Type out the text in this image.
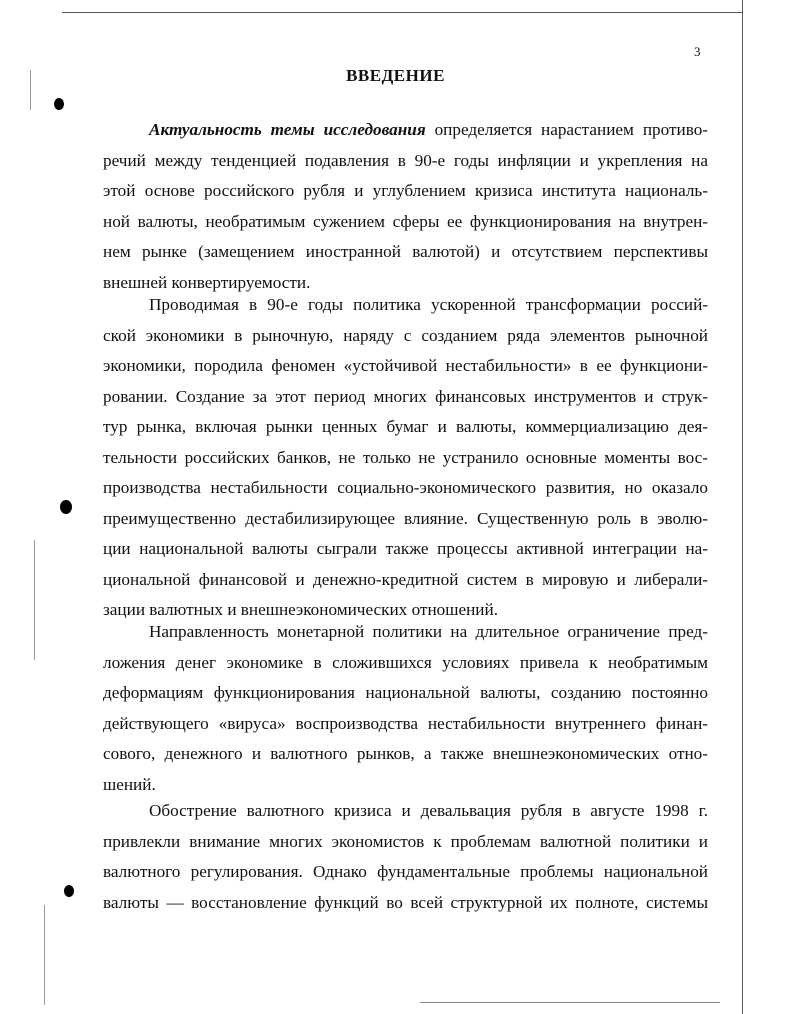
3
ВВЕДЕНИЕ
Актуальность темы исследования определяется нарастанием противо-
речий между тенденцией подавления в 90-е годы инфляции и укрепления на
этой основе российского рубля и углублением кризиса института националь-
ной валюты, необратимым сужением сферы ее функционирования на внутрен-
нем рынке (замещением иностранной валютой) и отсутствием перспективы
внешней конвертируемости.
Проводимая в 90-е годы политика ускоренной трансформации россий-
ской экономики в рыночную, наряду с созданием ряда элементов рыночной
экономики, породила феномен «устойчивой нестабильности» в ее функциони-
ровании. Создание за этот период многих финансовых инструментов и струк-
тур рынка, включая рынки ценных бумаг и валюты, коммерциализацию дея-
тельности российских банков, не только не устранило основные моменты вос-
производства нестабильности социально-экономического развития, но оказало
преимущественно дестабилизирующее влияние. Существенную роль в эволю-
ции национальной валюты сыграли также процессы активной интеграции на-
циональной финансовой и денежно-кредитной систем в мировую и либерали-
зации валютных и внешнеэкономических отношений.
Направленность монетарной политики на длительное ограничение пред-
ложения денег экономике в сложившихся условиях привела к необратимым
деформациям функционирования национальной валюты, созданию постоянно
действующего «вируса» воспроизводства нестабильности внутреннего финан-
сового, денежного и валютного рынков, а также внешнеэкономических отно-
шений.
Обострение валютного кризиса и девальвация рубля в августе 1998 г.
привлекли внимание многих экономистов к проблемам валютной политики и
валютного регулирования. Однако фундаментальные проблемы национальной
валюты — восстановление функций во всей структурной их полноте, системы
